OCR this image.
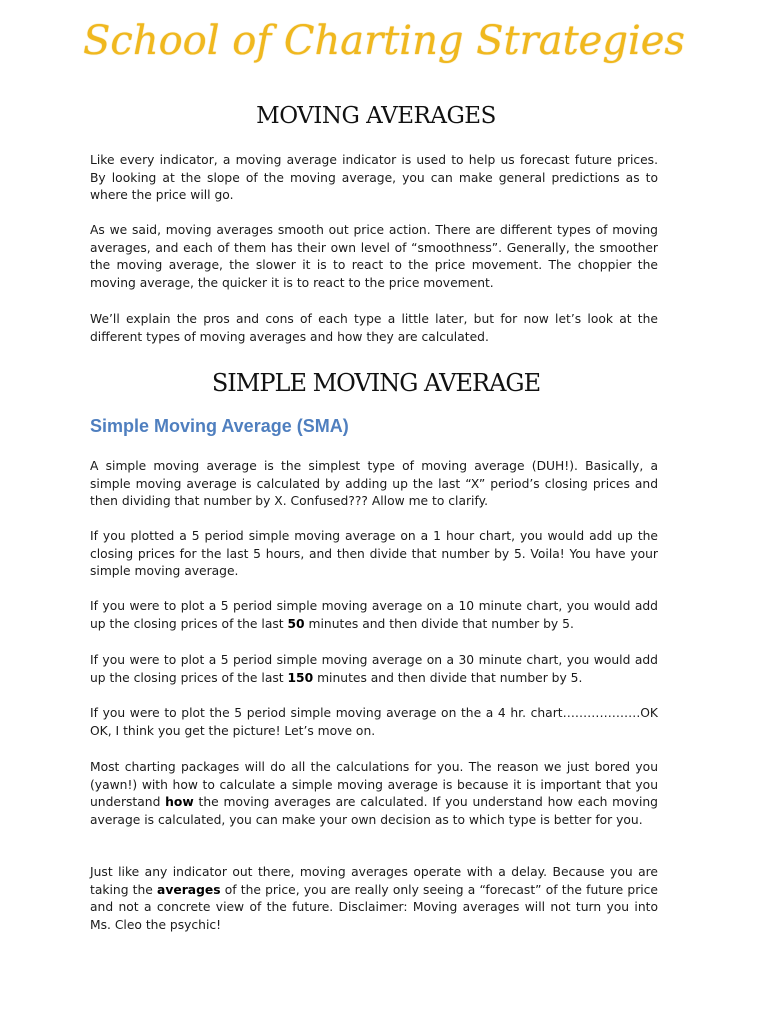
School of Charting Strategies
MOVING AVERAGES
Like every indicator, a moving average indicator is used to help us forecast future prices. By looking at the slope of the moving average, you can make general predictions as to where the price will go.
As we said, moving averages smooth out price action. There are different types of moving averages, and each of them has their own level of “smoothness”. Generally, the smoother the moving average, the slower it is to react to the price movement. The choppier the moving average, the quicker it is to react to the price movement.
We’ll explain the pros and cons of each type a little later, but for now let’s look at the different types of moving averages and how they are calculated.
SIMPLE MOVING AVERAGE
Simple Moving Average (SMA)
A simple moving average is the simplest type of moving average (DUH!). Basically, a simple moving average is calculated by adding up the last “X” period’s closing prices and then dividing that number by X. Confused??? Allow me to clarify.
If you plotted a 5 period simple moving average on a 1 hour chart, you would add up the closing prices for the last 5 hours, and then divide that number by 5. Voila! You have your simple moving average.
If you were to plot a 5 period simple moving average on a 10 minute chart, you would add up the closing prices of the last 50 minutes and then divide that number by 5.
If you were to plot a 5 period simple moving average on a 30 minute chart, you would add up the closing prices of the last 150 minutes and then divide that number by 5.
If you were to plot the 5 period simple moving average on the a 4 hr. chart……………….OK OK, I think you get the picture! Let’s move on.
Most charting packages will do all the calculations for you. The reason we just bored you (yawn!) with how to calculate a simple moving average is because it is important that you understand how the moving averages are calculated. If you understand how each moving average is calculated, you can make your own decision as to which type is better for you.
Just like any indicator out there, moving averages operate with a delay. Because you are taking the averages of the price, you are really only seeing a “forecast” of the future price and not a concrete view of the future. Disclaimer: Moving averages will not turn you into Ms. Cleo the psychic!
